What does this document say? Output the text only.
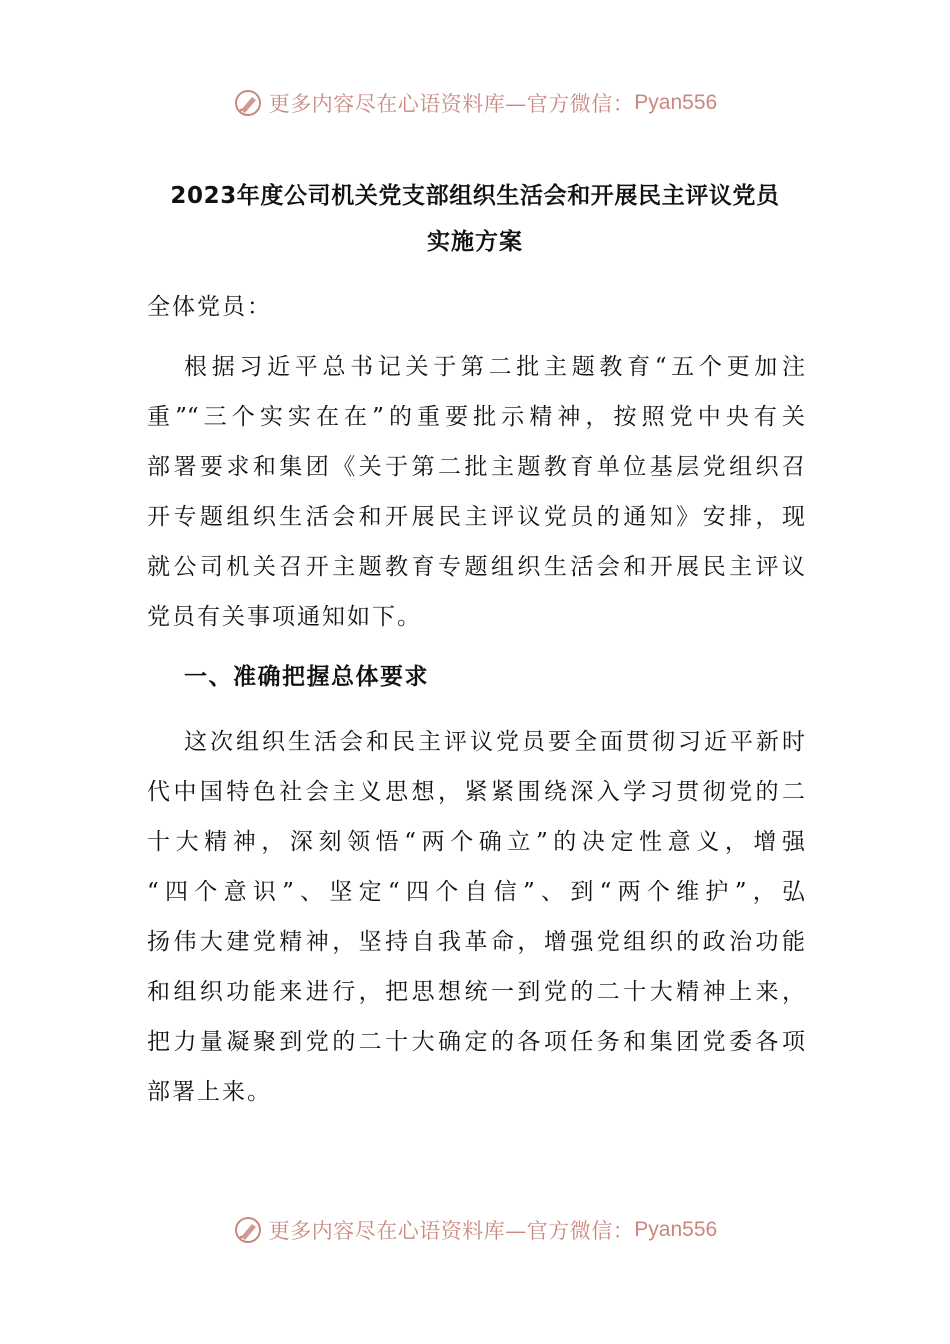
更多内容尽在心语资料库—官方微信： Pyan556
2023年度公司机关党支部组织生活会和开展民主评议党员
实施方案
全体党员：
根据习近平总书记关于第二批主题教育“五个更加注
重”“三个实实在在”的重要批示精神，按照党中央有关
部署要求和集团《关于第二批主题教育单位基层党组织召
开专题组织生活会和开展民主评议党员的通知》安排，现
就公司机关召开主题教育专题组织生活会和开展民主评议
党员有关事项通知如下。
一、准确把握总体要求
这次组织生活会和民主评议党员要全面贯彻习近平新时
代中国特色社会主义思想，紧紧围绕深入学习贯彻党的二
十大精神，深刻领悟“两个确立”的决定性意义，增强
“四个意识”、坚定“四个自信”、到“两个维护”，弘
扬伟大建党精神，坚持自我革命，增强党组织的政治功能
和组织功能来进行，把思想统一到党的二十大精神上来，
把力量凝聚到党的二十大确定的各项任务和集团党委各项
部署上来。
更多内容尽在心语资料库—官方微信： Pyan556
